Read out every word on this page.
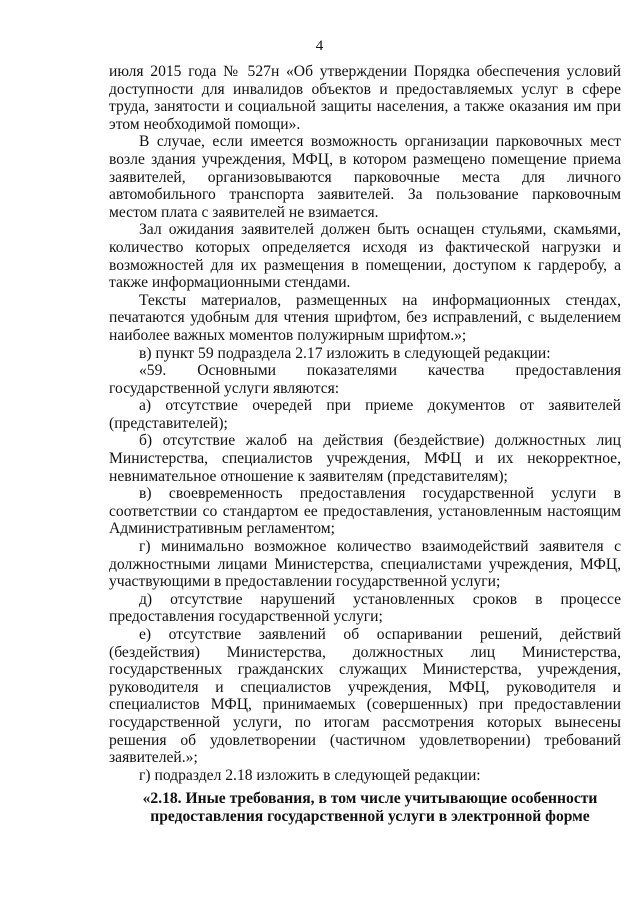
4

июля 2015 года № 527н «Об утверждении Порядка обеспечения условий доступности для инвалидов объектов и предоставляемых услуг в сфере труда, занятости и социальной защиты населения, а также оказания им при этом необходимой помощи».

В случае, если имеется возможность организации парковочных мест возле здания учреждения, МФЦ, в котором размещено помещение приема заявителей, организовываются парковочные места для личного автомобильного транспорта заявителей. За пользование парковочным местом плата с заявителей не взимается.

Зал ожидания заявителей должен быть оснащен стульями, скамьями, количество которых определяется исходя из фактической нагрузки и возможностей для их размещения в помещении, доступом к гардеробу, а также информационными стендами.

Тексты материалов, размещенных на информационных стендах, печатаются удобным для чтения шрифтом, без исправлений, с выделением наиболее важных моментов полужирным шрифтом.»;

в) пункт 59 подраздела 2.17 изложить в следующей редакции:

«59. Основными показателями качества предоставления государственной услуги являются:

а) отсутствие очередей при приеме документов от заявителей (представителей);

б) отсутствие жалоб на действия (бездействие) должностных лиц Министерства, специалистов учреждения, МФЦ и их некорректное, невнимательное отношение к заявителям (представителям);

в) своевременность предоставления государственной услуги в соответствии со стандартом ее предоставления, установленным настоящим Административным регламентом;

г) минимально возможное количество взаимодействий заявителя с должностными лицами Министерства, специалистами учреждения, МФЦ, участвующими в предоставлении государственной услуги;

д) отсутствие нарушений установленных сроков в процессе предоставления государственной услуги;

е) отсутствие заявлений об оспаривании решений, действий (бездействия) Министерства, должностных лиц Министерства, государственных гражданских служащих Министерства, учреждения, руководителя и специалистов учреждения, МФЦ, руководителя и специалистов МФЦ, принимаемых (совершенных) при предоставлении государственной услуги, по итогам рассмотрения которых вынесены решения об удовлетворении (частичном удовлетворении) требований заявителей.»;

г) подраздел 2.18 изложить в следующей редакции:

«2.18. Иные требования, в том числе учитывающие особенности предоставления государственной услуги в электронной форме
